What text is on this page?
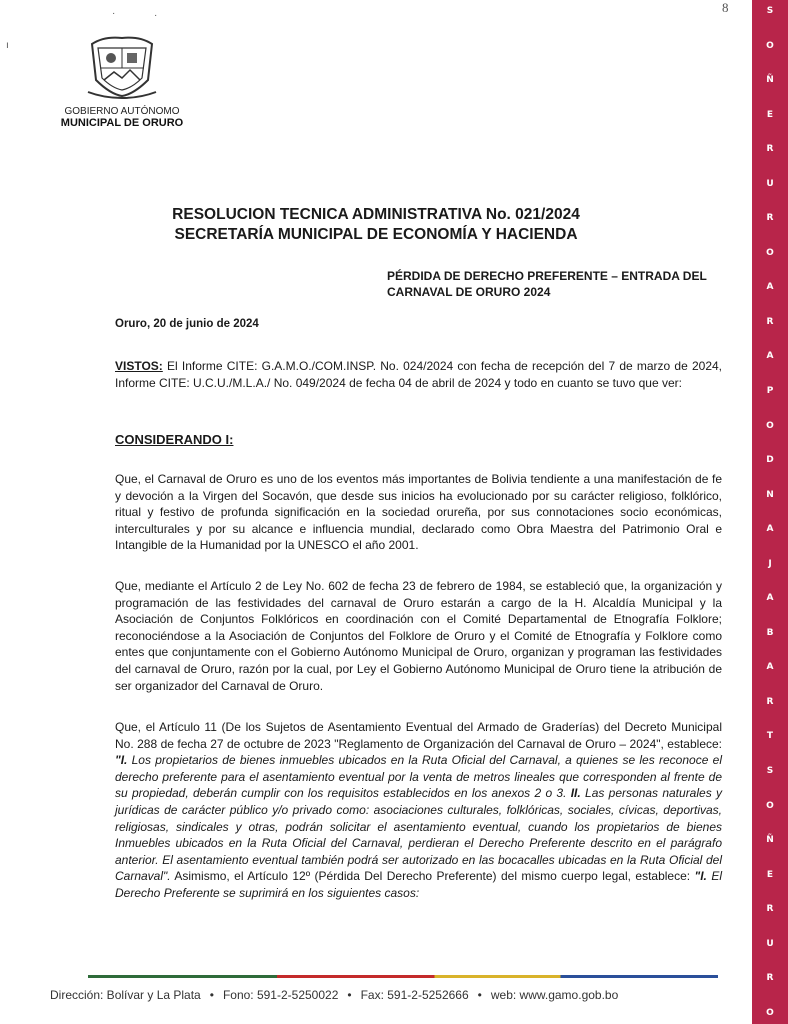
ı
·	·
8	S
O
Ñ
E
R
U
R
O
A
R
A
P
O
D
N
A
J
A
B
A
R
T
S
O
Ñ
E
R
U
R
O
GOBIERNO AUTÓNOMO
MUNICIPAL DE ORURO
RESOLUCION TECNICA ADMINISTRATIVA No. 021/2024
SECRETARÍA MUNICIPAL DE ECONOMÍA Y HACIENDA
PÉRDIDA DE DERECHO PREFERENTE – ENTRADA DEL CARNAVAL DE ORURO 2024
Oruro, 20 de junio de 2024
VISTOS: El Informe CITE: G.A.M.O./COM.INSP. No. 024/2024 con fecha de recepción del 7 de marzo de 2024, Informe CITE: U.C.U./M.L.A./ No. 049/2024 de fecha 04 de abril de 2024 y todo en cuanto se tuvo que ver:
CONSIDERANDO I:
Que, el Carnaval de Oruro es uno de los eventos más importantes de Bolivia tendiente a una manifestación de fe y devoción a la Virgen del Socavón, que desde sus inicios ha evolucionado por su carácter religioso, folklórico, ritual y festivo de profunda significación en la sociedad orureña, por sus connotaciones socio económicas, interculturales y por su alcance e influencia mundial, declarado como Obra Maestra del Patrimonio Oral e Intangible de la Humanidad por la UNESCO el año 2001.
Que, mediante el Artículo 2 de Ley No. 602 de fecha 23 de febrero de 1984, se estableció que, la organización y programación de las festividades del carnaval de Oruro estarán a cargo de la H. Alcaldía Municipal y la Asociación de Conjuntos Folklóricos en coordinación con el Comité Departamental de Etnografía Folklore; reconociéndose a la Asociación de Conjuntos del Folklore de Oruro y el Comité de Etnografía y Folklore como entes que conjuntamente con el Gobierno Autónomo Municipal de Oruro, organizan y programan las festividades del carnaval de Oruro, razón por la cual, por Ley el Gobierno Autónomo Municipal de Oruro tiene la atribución de ser organizador del Carnaval de Oruro.
Que, el Artículo 11 (De los Sujetos de Asentamiento Eventual del Armado de Graderías) del Decreto Municipal No. 288 de fecha 27 de octubre de 2023 "Reglamento de Organización del Carnaval de Oruro – 2024", establece: "I. Los propietarios de bienes inmuebles ubicados en la Ruta Oficial del Carnaval, a quienes se les reconoce el derecho preferente para el asentamiento eventual por la venta de metros lineales que corresponden al frente de su propiedad, deberán cumplir con los requisitos establecidos en los anexos 2 o 3. II. Las personas naturales y jurídicas de carácter público y/o privado como: asociaciones culturales, folklóricas, sociales, cívicas, deportivas, religiosas, sindicales y otras, podrán solicitar el asentamiento eventual, cuando los propietarios de bienes Inmuebles ubicados en la Ruta Oficial del Carnaval, perdieran el Derecho Preferente descrito en el parágrafo anterior. El asentamiento eventual también podrá ser autorizado en las bocacalles ubicadas en la Ruta Oficial del Carnaval". Asimismo, el Artículo 12º (Pérdida Del Derecho Preferente) del mismo cuerpo legal, establece: "I. El Derecho Preferente se suprimirá en los siguientes casos:
Dirección: Bolívar y La Plata • Fono: 591-2-5250022 • Fax: 591-2-5252666 • web: www.gamo.gob.bo
